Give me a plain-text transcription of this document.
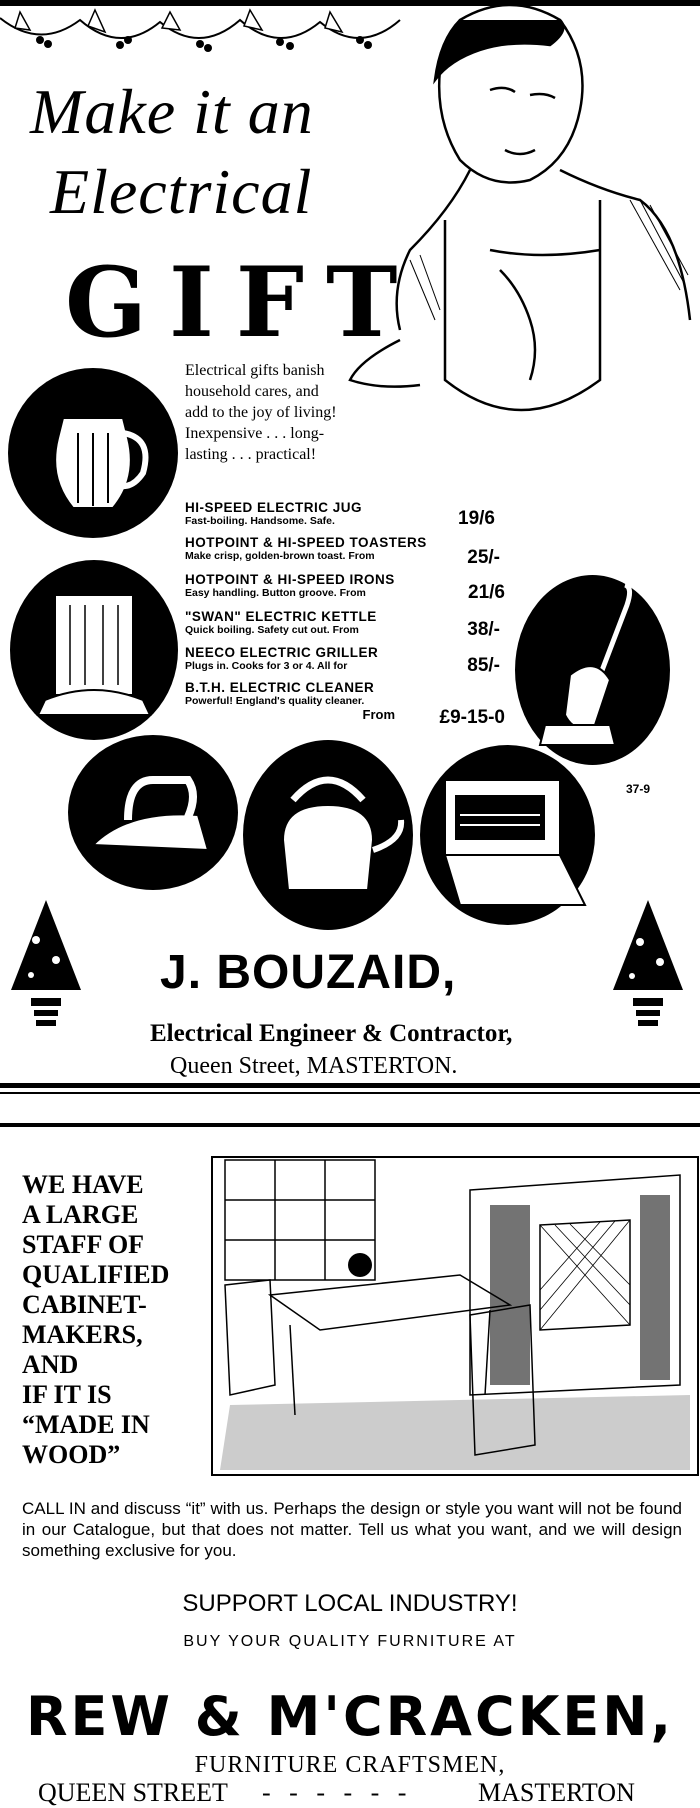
Make it an
Electrical
GIFT
Electrical gifts banish household cares, and add to the joy of living! Inexpensive . . . long-lasting . . . practical!
HI-SPEED ELECTRIC JUG
Fast-boiling. Handsome. Safe.	19/6
HOTPOINT & HI-SPEED TOASTERS
Make crisp, golden-brown toast. From	25/-
HOTPOINT & HI-SPEED IRONS
Easy handling. Button groove. From	21/6
"SWAN" ELECTRIC KETTLE
Quick boiling. Safety cut out. From	38/-
NEECO ELECTRIC GRILLER
Plugs in. Cooks for 3 or 4. All for	85/-
B.T.H. ELECTRIC CLEANER
Powerful! England's quality cleaner.
From	£9-15-0
37-9
J. BOUZAID,
Electrical Engineer & Contractor,
Queen Street, MASTERTON.
WE HAVE
A LARGE
STAFF OF
QUALIFIED
CABINET-
MAKERS,
AND
IF IT IS
“MADE IN
WOOD”
CALL IN and discuss “it” with us. Perhaps the design or style you want will not be found in our Catalogue, but that does not matter. Tell us what you want, and we will design something exclusive for you.
SUPPORT LOCAL INDUSTRY!
BUY YOUR QUALITY FURNITURE AT
REW & M'CRACKEN,
FURNITURE CRAFTSMEN,
QUEEN STREET - - - - - -	MASTERTON
